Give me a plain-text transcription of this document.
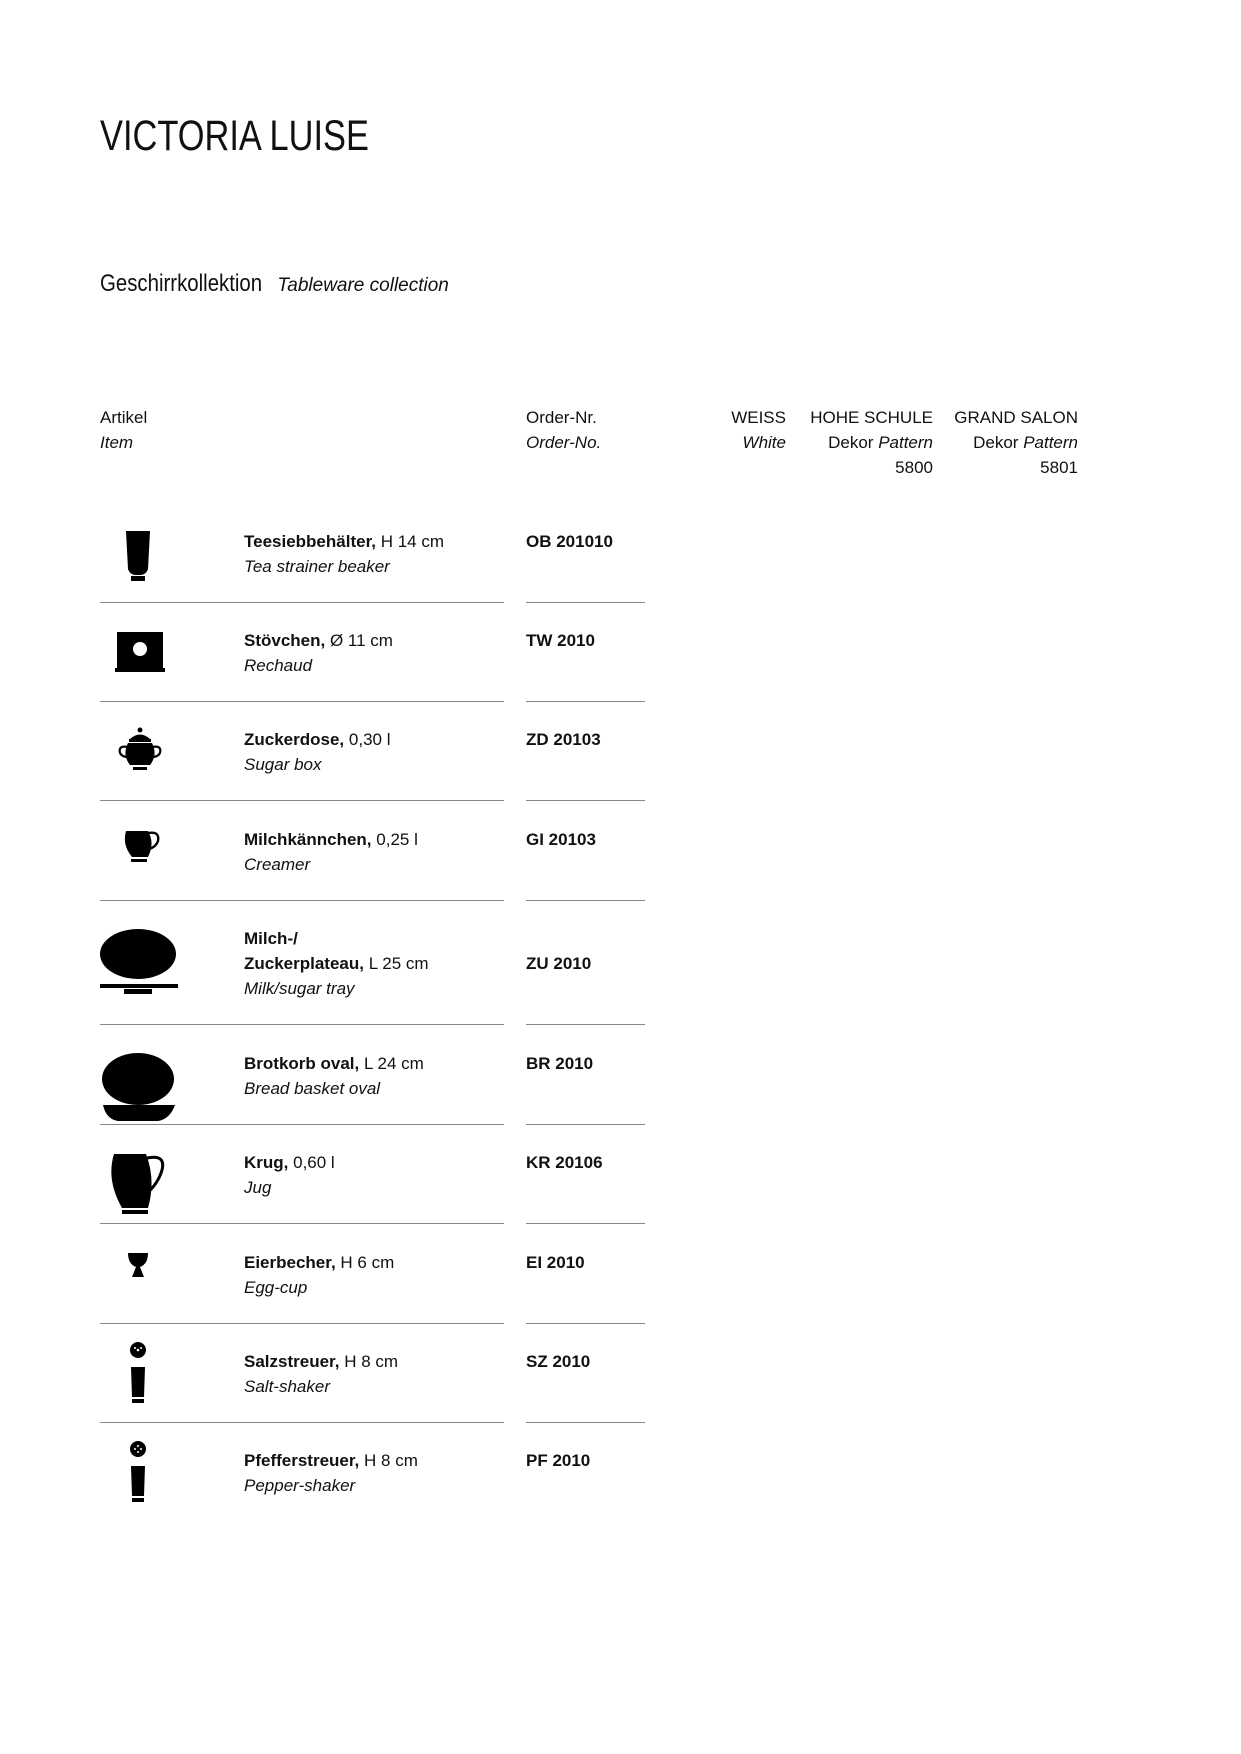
VICTORIA LUISE
Geschirrkollektion Tableware collection
Artikel
Item
Order-Nr.
Order-No.
WEISS
White
HOHE SCHULE
Dekor Pattern
5800
GRAND SALON
Dekor Pattern
5801
Teesiebbehälter, H 14 cm
Tea strainer beaker
OB 201010
Stövchen, Ø 11 cm
Rechaud
TW 2010
Zuckerdose, 0,30 l
Sugar box
ZD 20103
Milchkännchen, 0,25 l
Creamer
GI 20103
Milch-/
Zuckerplateau, L 25 cm
Milk/sugar tray
ZU 2010
Brotkorb oval, L 24 cm
Bread basket oval
BR 2010
Krug, 0,60 l
Jug
KR 20106
Eierbecher, H 6 cm
Egg-cup
EI 2010
Salzstreuer, H 8 cm
Salt-shaker
SZ 2010
Pfefferstreuer, H 8 cm
Pepper-shaker
PF 2010
